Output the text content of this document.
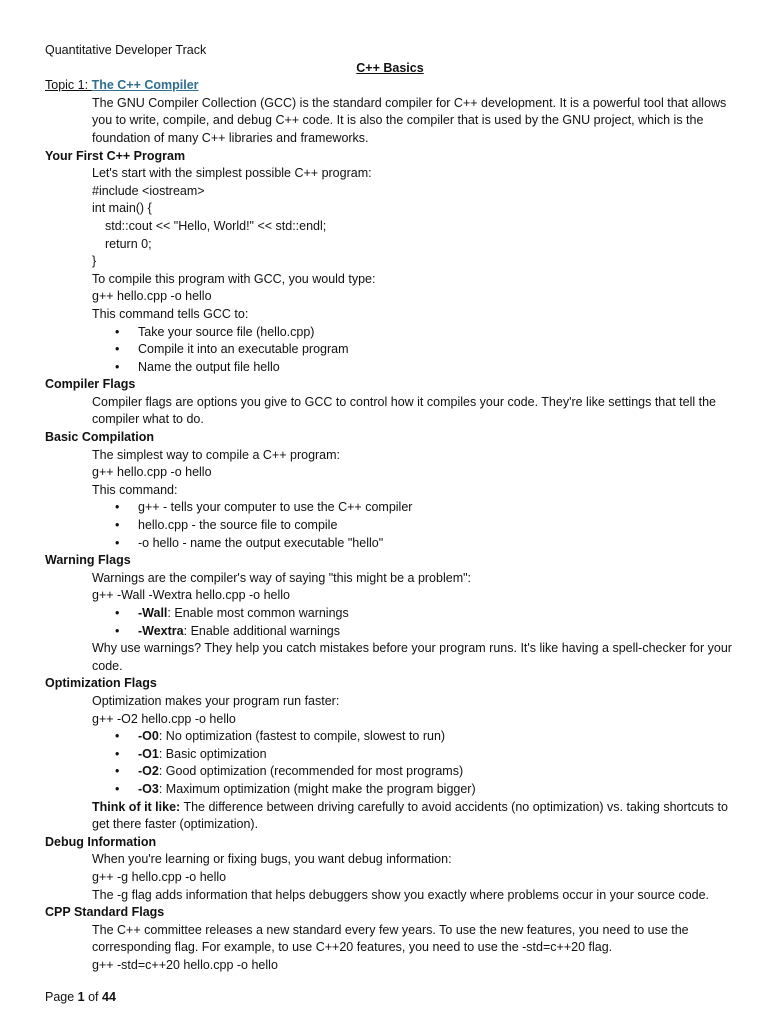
Quantitative Developer Track
C++ Basics
Topic 1: The C++ Compiler
The GNU Compiler Collection (GCC) is the standard compiler for C++ development. It is a powerful tool that allows you to write, compile, and debug C++ code. It is also the compiler that is used by the GNU project, which is the foundation of many C++ libraries and frameworks.
Your First C++ Program
Let's start with the simplest possible C++ program:
#include <iostream>
int main() {
std::cout << "Hello, World!" << std::endl;
return 0;
}
To compile this program with GCC, you would type:
g++ hello.cpp -o hello
This command tells GCC to:
• Take your source file (hello.cpp)
• Compile it into an executable program
• Name the output file hello
Compiler Flags
Compiler flags are options you give to GCC to control how it compiles your code. They're like settings that tell the compiler what to do.
Basic Compilation
The simplest way to compile a C++ program:
g++ hello.cpp -o hello
This command:
• g++ - tells your computer to use the C++ compiler
• hello.cpp - the source file to compile
• -o hello - name the output executable "hello"
Warning Flags
Warnings are the compiler's way of saying "this might be a problem":
g++ -Wall -Wextra hello.cpp -o hello
• -Wall: Enable most common warnings
• -Wextra: Enable additional warnings
Why use warnings? They help you catch mistakes before your program runs. It's like having a spell-checker for your code.
Optimization Flags
Optimization makes your program run faster:
g++ -O2 hello.cpp -o hello
• -O0: No optimization (fastest to compile, slowest to run)
• -O1: Basic optimization
• -O2: Good optimization (recommended for most programs)
• -O3: Maximum optimization (might make the program bigger)
Think of it like: The difference between driving carefully to avoid accidents (no optimization) vs. taking shortcuts to get there faster (optimization).
Debug Information
When you're learning or fixing bugs, you want debug information:
g++ -g hello.cpp -o hello
The -g flag adds information that helps debuggers show you exactly where problems occur in your source code.
CPP Standard Flags
The C++ committee releases a new standard every few years. To use the new features, you need to use the corresponding flag. For example, to use C++20 features, you need to use the -std=c++20 flag.
g++ -std=c++20 hello.cpp -o hello
Page 1 of 44
